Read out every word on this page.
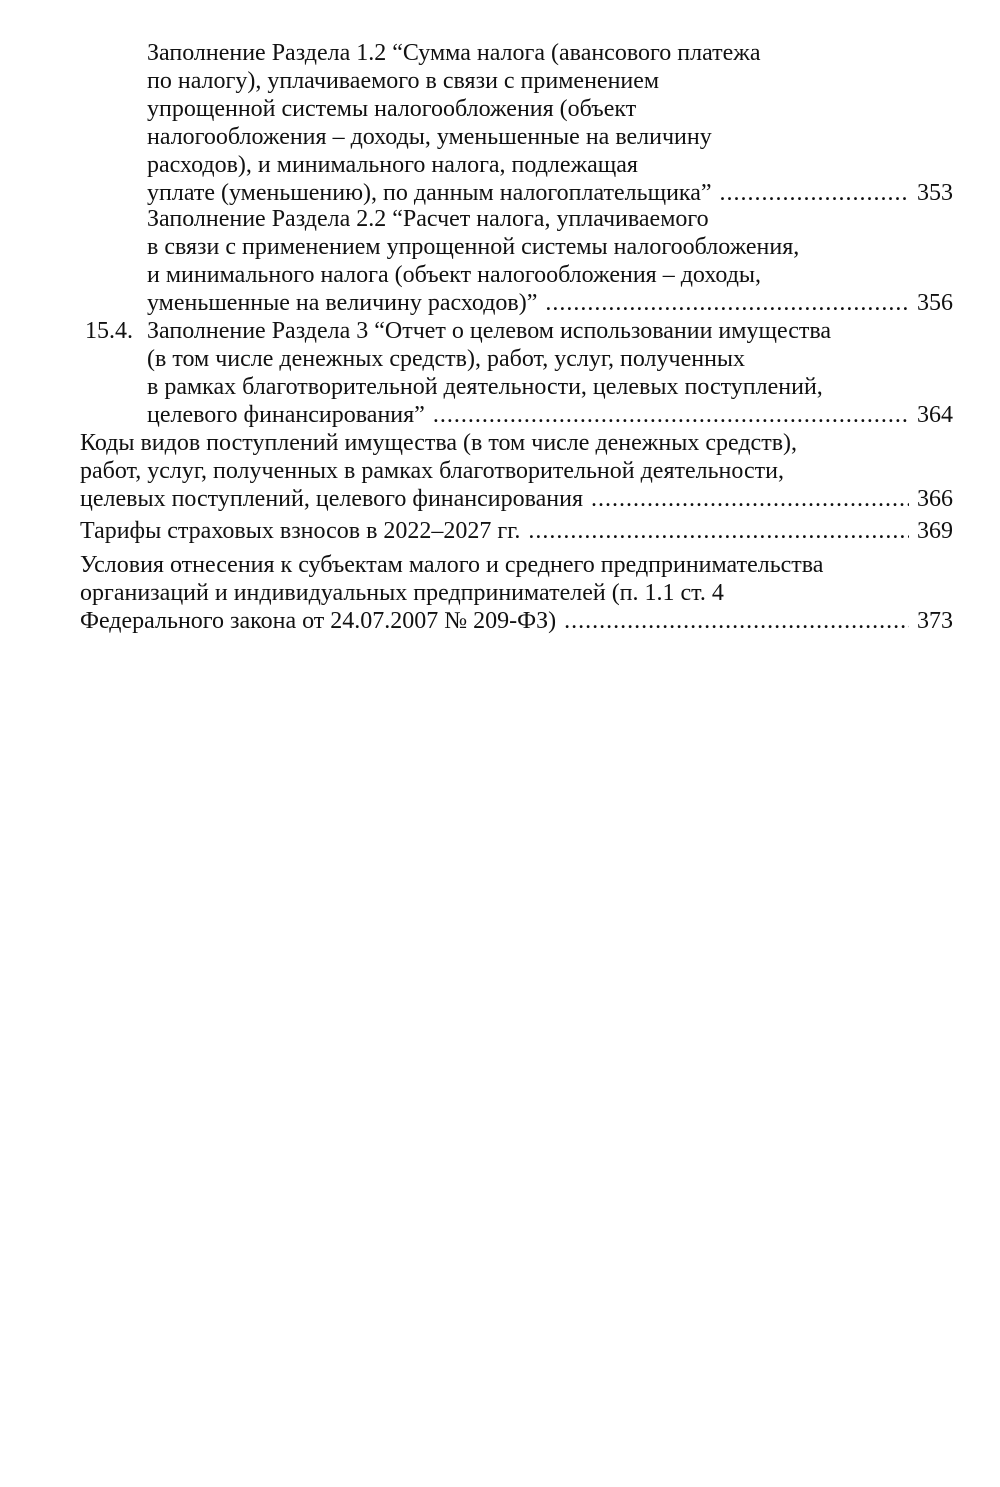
Заполнение Раздела 1.2 “Сумма налога (авансового платежа
по налогу), уплачиваемого в связи с применением
упрощенной системы налогообложения (объект
налогообложения – доходы, уменьшенные на величину
расходов), и минимального налога, подлежащая
уплате (уменьшению), по данным налогоплательщика” .....	353
Заполнение Раздела 2.2 “Расчет налога, уплачиваемого
в связи с применением упрощенной системы налогообложения,
и минимального налога (объект налогообложения – доходы,
уменьшенные на величину расходов)” .....	356
15.4. Заполнение Раздела 3 “Отчет о целевом использовании имущества
(в том числе денежных средств), работ, услуг, полученных
в рамках благотворительной деятельности, целевых поступлений,
целевого финансирования” .....	364
Коды видов поступлений имущества (в том числе денежных средств),
работ, услуг, полученных в рамках благотворительной деятельности,
целевых поступлений, целевого финансирования .....	366
Тарифы страховых взносов в 2022–2027 гг. .....	369
Условия отнесения к субъектам малого и среднего предпринимательства
организаций и индивидуальных предпринимателей (п. 1.1 ст. 4
Федерального закона от 24.07.2007 № 209-ФЗ) .....	373
